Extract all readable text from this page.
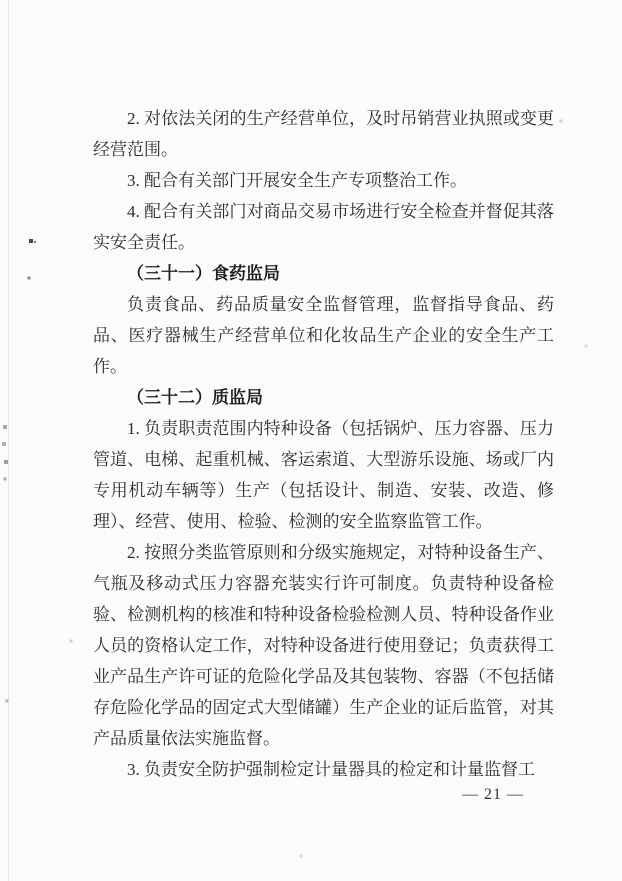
2. 对依法关闭的生产经营单位，及时吊销营业执照或变更经营范围。

3. 配合有关部门开展安全生产专项整治工作。

4. 配合有关部门对商品交易市场进行安全检查并督促其落实安全责任。

（三十一）食药监局

负责食品、药品质量安全监督管理，监督指导食品、药品、医疗器械生产经营单位和化妆品生产企业的安全生产工作。

（三十二）质监局

1. 负责职责范围内特种设备（包括锅炉、压力容器、压力管道、电梯、起重机械、客运索道、大型游乐设施、场或厂内专用机动车辆等）生产（包括设计、制造、安装、改造、修理）、经营、使用、检验、检测的安全监察监管工作。

2. 按照分类监管原则和分级实施规定，对特种设备生产、气瓶及移动式压力容器充装实行许可制度。负责特种设备检验、检测机构的核准和特种设备检验检测人员、特种设备作业人员的资格认定工作，对特种设备进行使用登记；负责获得工业产品生产许可证的危险化学品及其包装物、容器（不包括储存危险化学品的固定式大型储罐）生产企业的证后监管，对其产品质量依法实施监督。

3. 负责安全防护强制检定计量器具的检定和计量监督工

— 21 —
